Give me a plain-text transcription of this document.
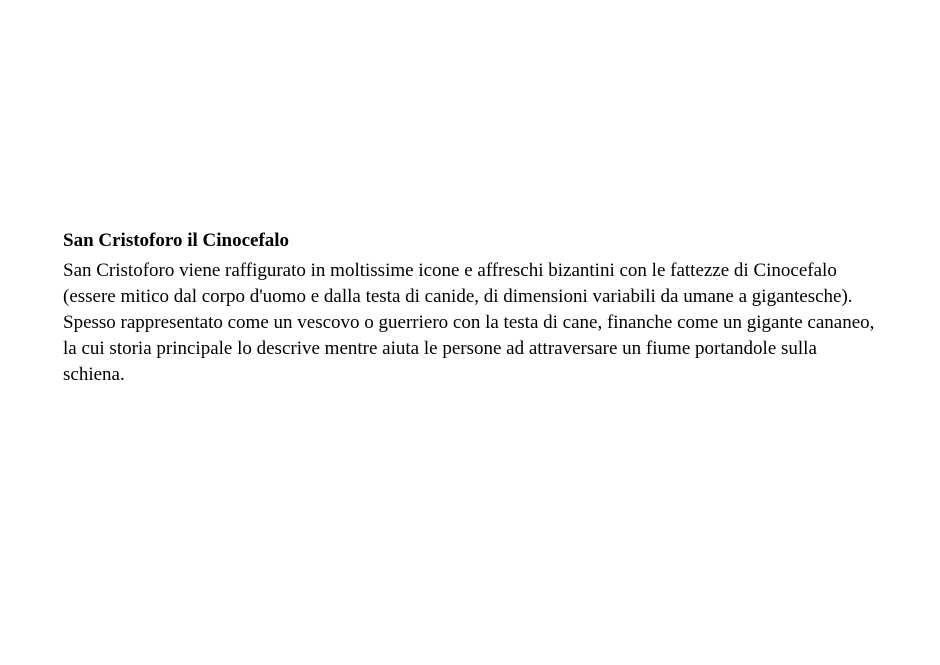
San Cristoforo il Cinocefalo

San Cristoforo viene raffigurato in moltissime icone e affreschi bizantini con le fattezze di Cinocefalo (essere mitico dal corpo d'uomo e dalla testa di canide, di dimensioni variabili da umane a gigantesche). Spesso rappresentato come un vescovo o guerriero con la testa di cane, finanche come un gigante cananeo, la cui storia principale lo descrive mentre aiuta le persone ad attraversare un fiume portandole sulla schiena.
